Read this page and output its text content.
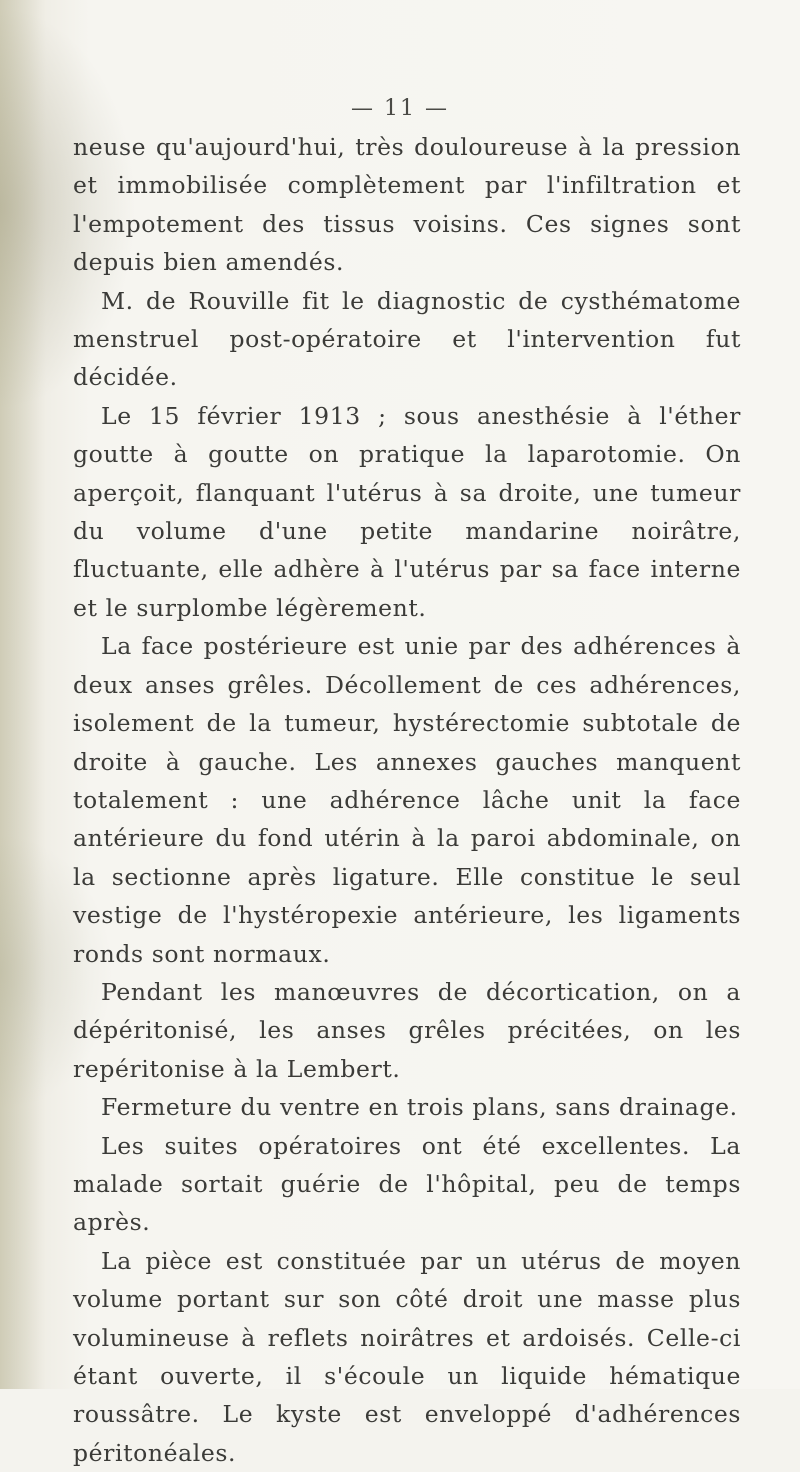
— 11 —

neuse qu'aujourd'hui, très douloureuse à la pression et immobilisée complètement par l'infiltration et l'empotement des tissus voisins. Ces signes sont depuis bien amendés.

M. de Rouville fit le diagnostic de cysthématome menstruel post-opératoire et l'intervention fut décidée.

Le 15 février 1913 ; sous anesthésie à l'éther goutte à goutte on pratique la laparotomie. On aperçoit, flanquant l'utérus à sa droite, une tumeur du volume d'une petite mandarine noirâtre, fluctuante, elle adhère à l'utérus par sa face interne et le surplombe légèrement.

La face postérieure est unie par des adhérences à deux anses grêles. Décollement de ces adhérences, isolement de la tumeur, hystérectomie subtotale de droite à gauche. Les annexes gauches manquent totalement : une adhérence lâche unit la face antérieure du fond utérin à la paroi abdominale, on la sectionne après ligature. Elle constitue le seul vestige de l'hystéropexie antérieure, les ligaments ronds sont normaux.

Pendant les manœuvres de décortication, on a dépéritonisé, les anses grêles précitées, on les repéritonise à la Lembert.

Fermeture du ventre en trois plans, sans drainage.

Les suites opératoires ont été excellentes. La malade sortait guérie de l'hôpital, peu de temps après.

La pièce est constituée par un utérus de moyen volume portant sur son côté droit une masse plus volumineuse à reflets noirâtres et ardoisés. Celle-ci étant ouverte, il s'écoule un liquide hématique roussâtre. Le kyste est enveloppé d'adhérences péritonéales.
